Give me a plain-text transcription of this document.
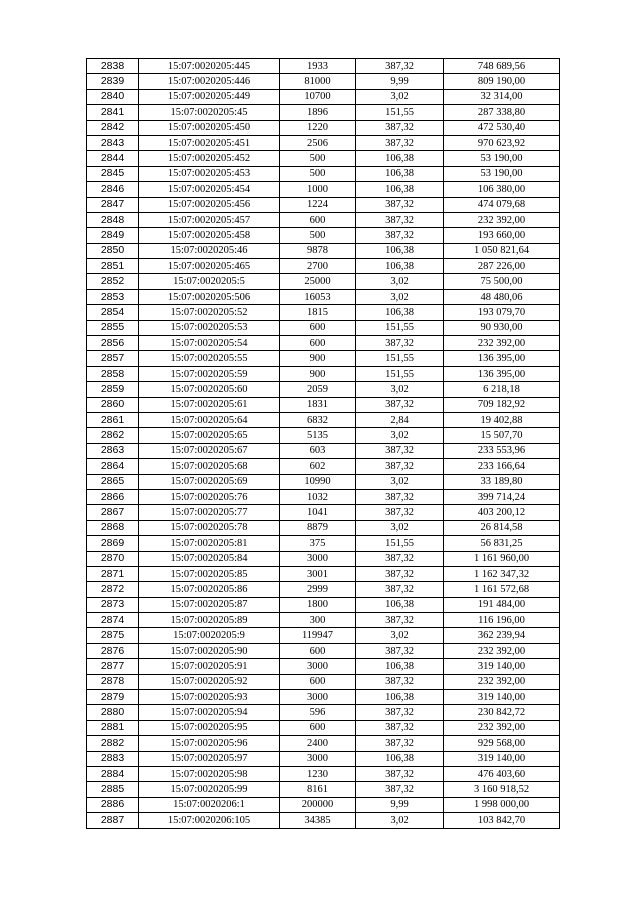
2838	15:07:0020205:445	1933	387,32	748 689,56
2839	15:07:0020205:446	81000	9,99	809 190,00
2840	15:07:0020205:449	10700	3,02	32 314,00
2841	15:07:0020205:45	1896	151,55	287 338,80
2842	15:07:0020205:450	1220	387,32	472 530,40
2843	15:07:0020205:451	2506	387,32	970 623,92
2844	15:07:0020205:452	500	106,38	53 190,00
2845	15:07:0020205:453	500	106,38	53 190,00
2846	15:07:0020205:454	1000	106,38	106 380,00
2847	15:07:0020205:456	1224	387,32	474 079,68
2848	15:07:0020205:457	600	387,32	232 392,00
2849	15:07:0020205:458	500	387,32	193 660,00
2850	15:07:0020205:46	9878	106,38	1 050 821,64
2851	15:07:0020205:465	2700	106,38	287 226,00
2852	15:07:0020205:5	25000	3,02	75 500,00
2853	15:07:0020205:506	16053	3,02	48 480,06
2854	15:07:0020205:52	1815	106,38	193 079,70
2855	15:07:0020205:53	600	151,55	90 930,00
2856	15:07:0020205:54	600	387,32	232 392,00
2857	15:07:0020205:55	900	151,55	136 395,00
2858	15:07:0020205:59	900	151,55	136 395,00
2859	15:07:0020205:60	2059	3,02	6 218,18
2860	15:07:0020205:61	1831	387,32	709 182,92
2861	15:07:0020205:64	6832	2,84	19 402,88
2862	15:07:0020205:65	5135	3,02	15 507,70
2863	15:07:0020205:67	603	387,32	233 553,96
2864	15:07:0020205:68	602	387,32	233 166,64
2865	15:07:0020205:69	10990	3,02	33 189,80
2866	15:07:0020205:76	1032	387,32	399 714,24
2867	15:07:0020205:77	1041	387,32	403 200,12
2868	15:07:0020205:78	8879	3,02	26 814,58
2869	15:07:0020205:81	375	151,55	56 831,25
2870	15:07:0020205:84	3000	387,32	1 161 960,00
2871	15:07:0020205:85	3001	387,32	1 162 347,32
2872	15:07:0020205:86	2999	387,32	1 161 572,68
2873	15:07:0020205:87	1800	106,38	191 484,00
2874	15:07:0020205:89	300	387,32	116 196,00
2875	15:07:0020205:9	119947	3,02	362 239,94
2876	15:07:0020205:90	600	387,32	232 392,00
2877	15:07:0020205:91	3000	106,38	319 140,00
2878	15:07:0020205:92	600	387,32	232 392,00
2879	15:07:0020205:93	3000	106,38	319 140,00
2880	15:07:0020205:94	596	387,32	230 842,72
2881	15:07:0020205:95	600	387,32	232 392,00
2882	15:07:0020205:96	2400	387,32	929 568,00
2883	15:07:0020205:97	3000	106,38	319 140,00
2884	15:07:0020205:98	1230	387,32	476 403,60
2885	15:07:0020205:99	8161	387,32	3 160 918,52
2886	15:07:0020206:1	200000	9,99	1 998 000,00
2887	15:07:0020206:105	34385	3,02	103 842,70
